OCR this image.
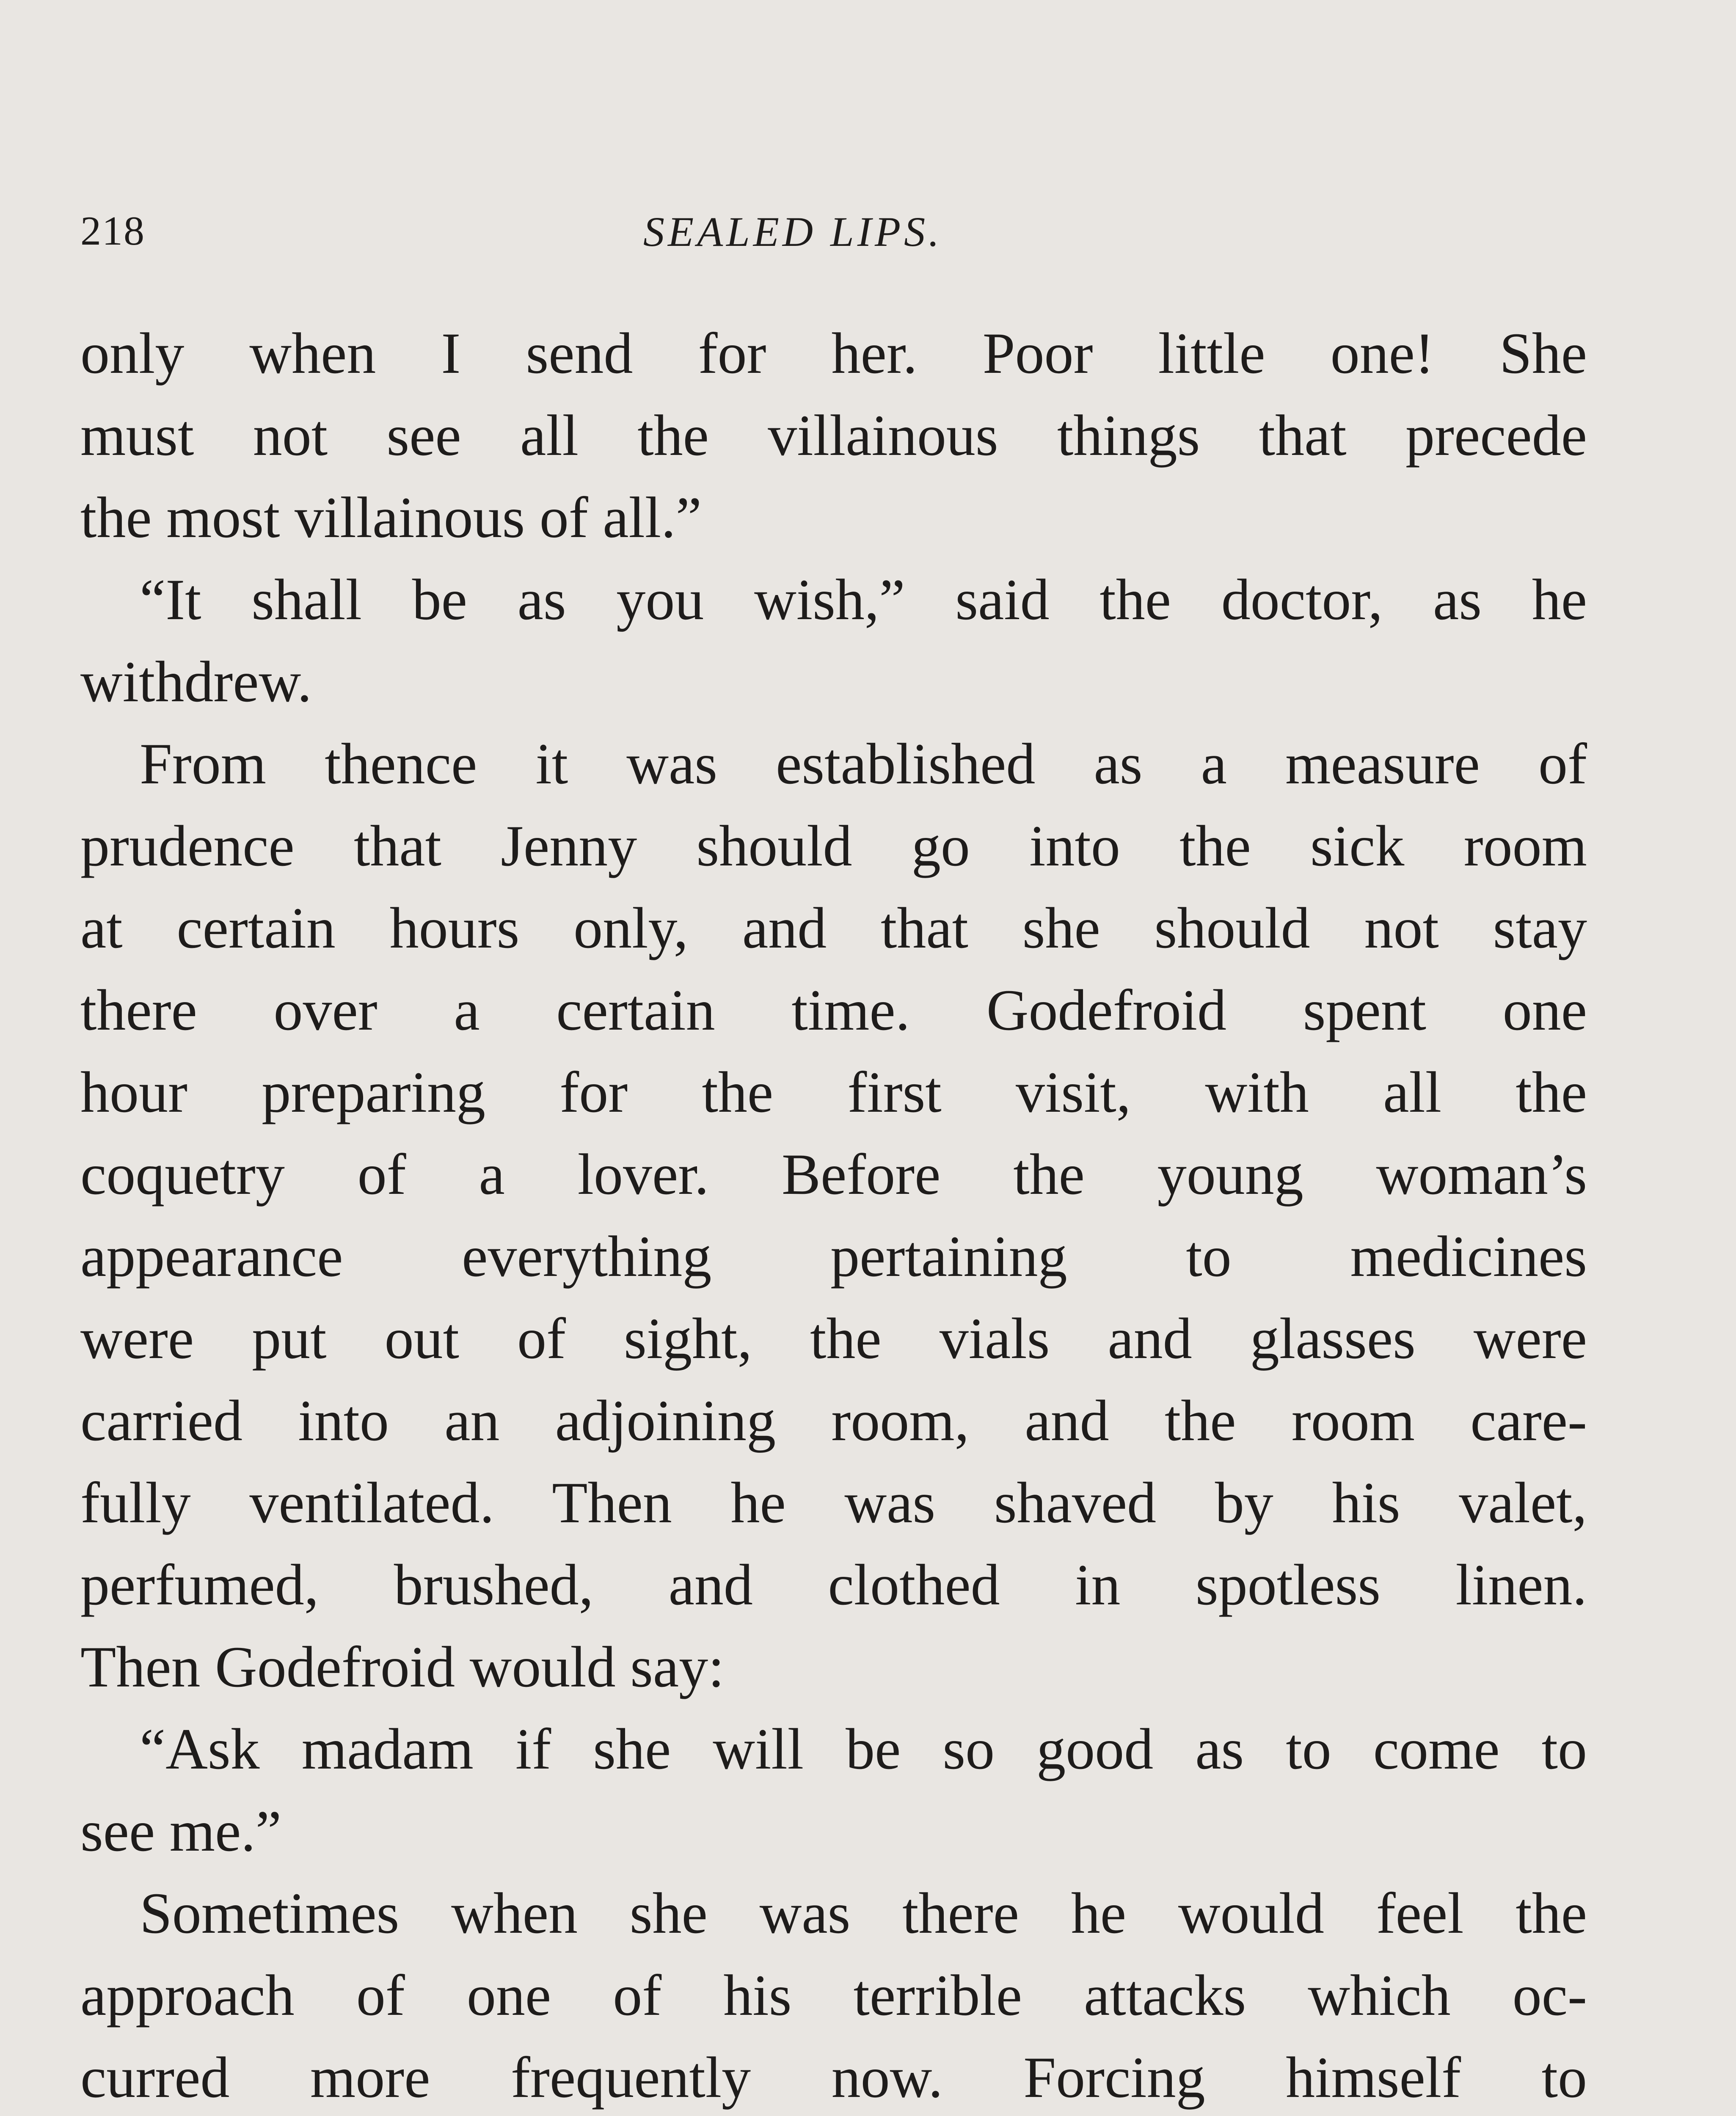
218	SEALED LIPS.
only when I send for her. Poor little one! She
must not see all the villainous things that precede
the most villainous of all.”
“It shall be as you wish,” said the doctor, as he
withdrew.
From thence it was established as a measure of
prudence that Jenny should go into the sick room
at certain hours only, and that she should not stay
there over a certain time. Godefroid spent one
hour preparing for the first visit, with all the
coquetry of a lover. Before the young woman’s
appearance everything pertaining to medicines
were put out of sight, the vials and glasses were
carried into an adjoining room, and the room care-
fully ventilated. Then he was shaved by his valet,
perfumed, brushed, and clothed in spotless linen.
Then Godefroid would say:
“Ask madam if she will be so good as to come to
see me.”
Sometimes when she was there he would feel the
approach of one of his terrible attacks which oc-
curred more frequently now. Forcing himself to
